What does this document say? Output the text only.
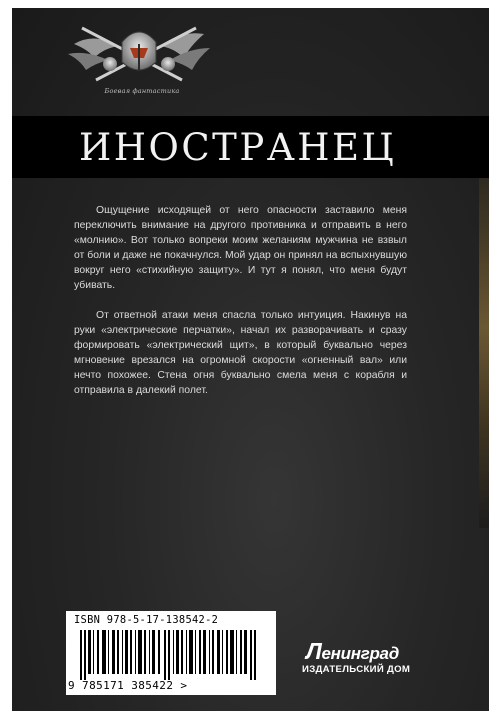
Боевая фантастика
ИНОСТРАНЕЦ

Ощущение исходящей от него опасности заставило меня переключить внимание на другого противника и отправить в него «молнию». Вот только вопреки моим желаниям мужчина не взвыл от боли и даже не покачнулся. Мой удар он принял на вспыхнувшую вокруг него «стихийную защиту». И тут я понял, что меня будут убивать.

От ответной атаки меня спасла только интуиция. Накинув на руки «электрические перчатки», начал их разворачивать и сразу формировать «электрический щит», в который буквально через мгновение врезался на огромной скорости «огненный вал» или нечто похожее. Стена огня буквально смела меня с корабля и отправила в далекий полет.

ISBN 978-5-17-138542-2
9 785171 385422 >
Ленинград
ИЗДАТЕЛЬСКИЙ ДОМ
